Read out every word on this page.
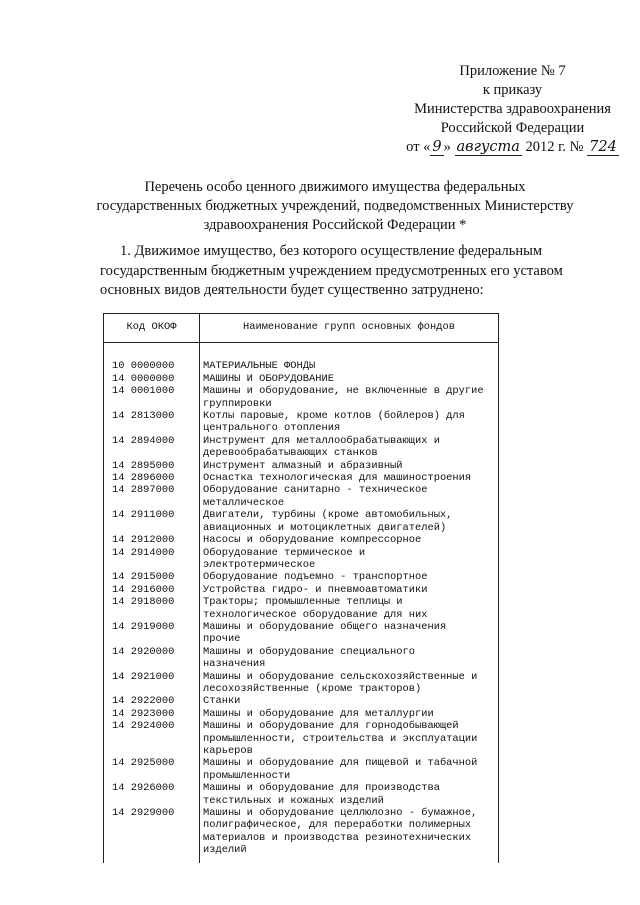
Приложение № 7
к приказу
Министерства здравоохранения
Российской Федерации
от « 9 » августа 2012 г. № 724
Перечень особо ценного движимого имущества федеральных
государственных бюджетных учреждений, подведомственных Министерству
здравоохранения Российской Федерации *
1. Движимое имущество, без которого осуществление федеральным
государственным бюджетным учреждением предусмотренных его уставом
основных видов деятельности будет существенно затруднено:
Код ОКОФ	Наименование групп основных фондов
10 0000000	МАТЕРИАЛЬНЫЕ ФОНДЫ
14 0000000	МАШИНЫ И ОБОРУДОВАНИЕ
14 0001000	Машины и оборудование, не включенные в другие
группировки
14 2813000	Котлы паровые, кроме котлов (бойлеров) для
центрального отопления
14 2894000	Инструмент для металлообрабатывающих и
деревообрабатывающих станков
14 2895000	Инструмент алмазный и абразивный
14 2896000	Оснастка технологическая для машиностроения
14 2897000	Оборудование санитарно - техническое
металлическое
14 2911000	Двигатели, турбины (кроме автомобильных,
авиационных и мотоциклетных двигателей)
14 2912000	Насосы и оборудование компрессорное
14 2914000	Оборудование термическое и
электротермическое
14 2915000	Оборудование подъемно - транспортное
14 2916000	Устройства гидро- и пневмоавтоматики
14 2918000	Тракторы; промышленные теплицы и
технологическое оборудование для них
14 2919000	Машины и оборудование общего назначения
прочие
14 2920000	Машины и оборудование специального
назначения
14 2921000	Машины и оборудование сельскохозяйственные и
лесохозяйственные (кроме тракторов)
14 2922000	Станки
14 2923000	Машины и оборудование для металлургии
14 2924000	Машины и оборудование для горнодобывающей
промышленности, строительства и эксплуатации
карьеров
14 2925000	Машины и оборудование для пищевой и табачной
промышленности
14 2926000	Машины и оборудование для производства
текстильных и кожаных изделий
14 2929000	Машины и оборудование целлюлозно - бумажное,
полиграфическое, для переработки полимерных
материалов и производства резинотехнических
изделий
